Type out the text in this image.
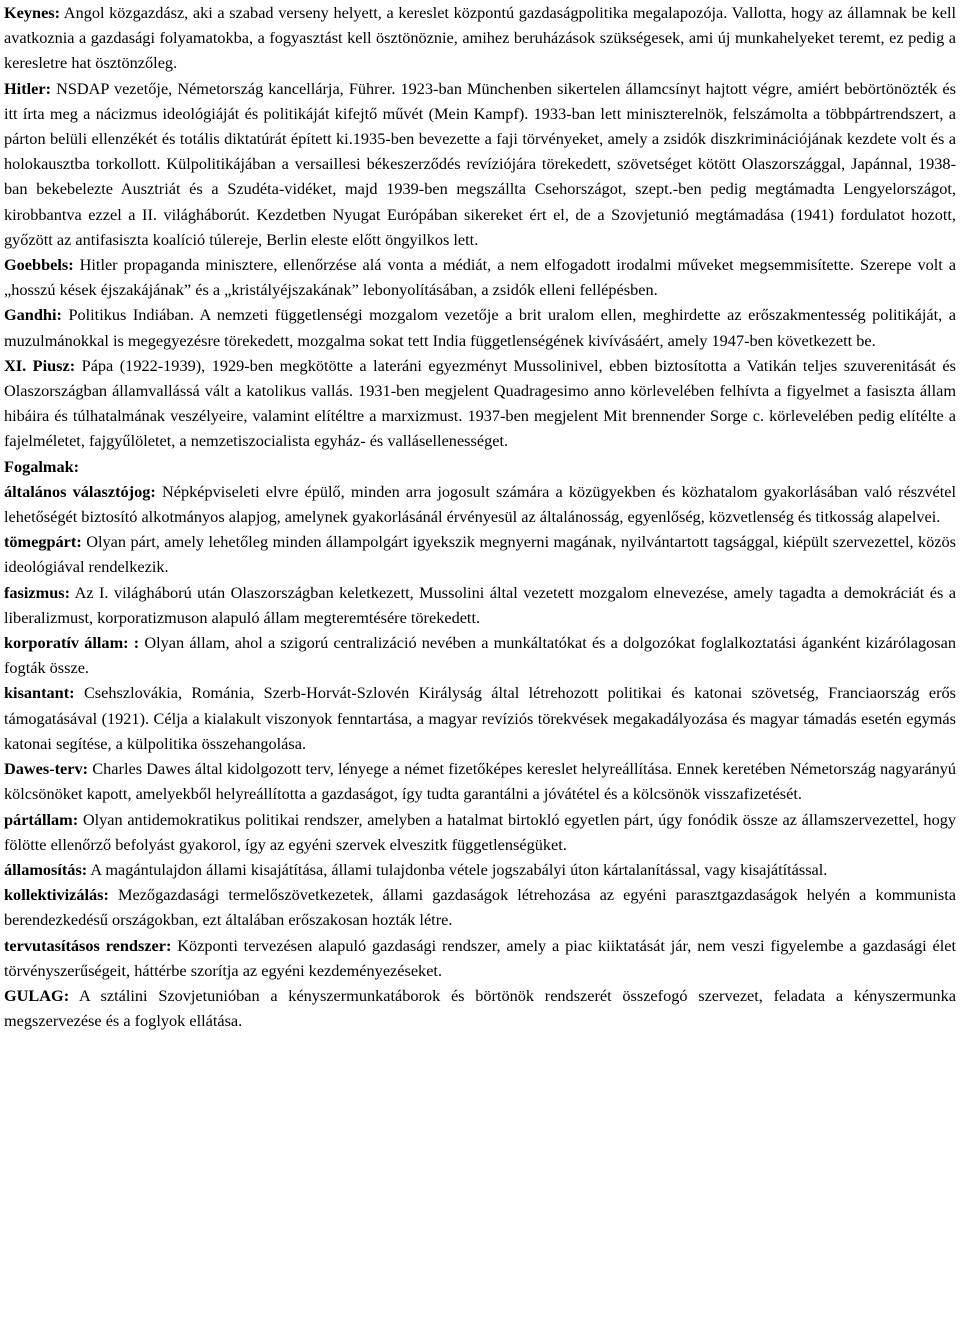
Keynes: Angol közgazdász, aki a szabad verseny helyett, a kereslet központú gazdaságpolitika megalapozója. Vallotta, hogy az államnak be kell avatkoznia a gazdasági folyamatokba, a fogyasztást kell ösztönöznie, amihez beruházások szükségesek, ami új munkahelyeket teremt, ez pedig a keresletre hat ösztönzőleg.

Hitler: NSDAP vezetője, Németország kancellárja, Führer. 1923-ban Münchenben sikertelen államcsínyt hajtott végre, amiért bebörtönözték és itt írta meg a nácizmus ideológiáját és politikáját kifejtő művét (Mein Kampf). 1933-ban lett miniszterelnök, felszámolta a többpártrendszert, a párton belüli ellenzékét és totális diktatúrát épített ki.1935-ben bevezette a faji törvényeket, amely a zsidók diszkriminációjának kezdete volt és a holokausztba torkollott. Külpolitikájában a versaillesi békeszerződés revíziójára törekedett, szövetséget kötött Olaszországgal, Japánnal, 1938-ban bekebelezte Ausztriát és a Szudéta-vidéket, majd 1939-ben megszállta Csehországot, szept.-ben pedig megtámadta Lengyelországot, kirobbantva ezzel a II. világháborút. Kezdetben Nyugat Európában sikereket ért el, de a Szovjetunió megtámadása (1941) fordulatot hozott, győzött az antifasiszta koalíció túlereje, Berlin eleste előtt öngyilkos lett.

Goebbels: Hitler propaganda minisztere, ellenőrzése alá vonta a médiát, a nem elfogadott irodalmi műveket megsemmisítette. Szerepe volt a „hosszú kések éjszakájának” és a „kristályéjszakának” lebonyolításában, a zsidók elleni fellépésben.

Gandhi: Politikus Indiában. A nemzeti függetlenségi mozgalom vezetője a brit uralom ellen, meghirdette az erőszakmentesség politikáját, a muzulmánokkal is megegyezésre törekedett, mozgalma sokat tett India függetlenségének kivívásáért, amely 1947-ben következett be.

XI. Piusz: Pápa (1922-1939), 1929-ben megkötötte a lateráni egyezményt Mussolinivel, ebben biztosította a Vatikán teljes szuverenitását és Olaszországban államvallássá vált a katolikus vallás. 1931-ben megjelent Quadragesimo anno körlevelében felhívta a figyelmet a fasiszta állam hibáira és túlhatalmának veszélyeire, valamint elítéltre a marxizmust. 1937-ben megjelent Mit brennender Sorge c. körlevelében pedig elítélte a fajelméletet, fajgyűlöletet, a nemzetiszocialista egyház- és vallásellenességet.

Fogalmak:

általános választójog: Népképviseleti elvre épülő, minden arra jogosult számára a közügyekben és közhatalom gyakorlásában való részvétel lehetőségét biztosító alkotmányos alapjog, amelynek gyakorlásánál érvényesül az általánosság, egyenlőség, közvetlenség és titkosság alapelvei.

tömegpárt: Olyan párt, amely lehetőleg minden állampolgárt igyekszik megnyerni magának, nyilvántartott tagsággal, kiépült szervezettel, közös ideológiával rendelkezik.

fasizmus: Az I. világháború után Olaszországban keletkezett, Mussolini által vezetett mozgalom elnevezése, amely tagadta a demokráciát és a liberalizmust, korporatizmuson alapuló állam megteremtésére törekedett.

korporatív állam: : Olyan állam, ahol a szigorú centralizáció nevében a munkáltatókat és a dolgozókat foglalkoztatási áganként kizárólagosan fogták össze.

kisantant: Csehszlovákia, Románia, Szerb-Horvát-Szlovén Királyság által létrehozott politikai és katonai szövetség, Franciaország erős támogatásával (1921). Célja a kialakult viszonyok fenntartása, a magyar revíziós törekvések megakadályozása és magyar támadás esetén egymás katonai segítése, a külpolitika összehangolása.

Dawes-terv: Charles Dawes által kidolgozott terv, lényege a német fizetőképes kereslet helyreállítása. Ennek keretében Németország nagyarányú kölcsönöket kapott, amelyekből helyreállította a gazdaságot, így tudta garantálni a jóvátétel és a kölcsönök visszafizetését.

pártállam: Olyan antidemokratikus politikai rendszer, amelyben a hatalmat birtokló egyetlen párt, úgy fonódik össze az államszervezettel, hogy fölötte ellenőrző befolyást gyakorol, így az egyéni szervek elveszitk függetlenségüket.

államosítás: A magántulajdon állami kisajátítása, állami tulajdonba vétele jogszabályi úton kártalanítással, vagy kisajátítással.

kollektivizálás: Mezőgazdasági termelőszövetkezetek, állami gazdaságok létrehozása az egyéni parasztgazdaságok helyén a kommunista berendezkedésű országokban, ezt általában erőszakosan hozták létre.

tervutasításos rendszer: Központi tervezésen alapuló gazdasági rendszer, amely a piac kiiktatását jár, nem veszi figyelembe a gazdasági élet törvényszerűségeit, háttérbe szorítja az egyéni kezdeményezéseket.

GULAG: A sztálini Szovjetunióban a kényszermunkatáborok és börtönök rendszerét összefogó szervezet, feladata a kényszermunka megszervezése és a foglyok ellátása.
